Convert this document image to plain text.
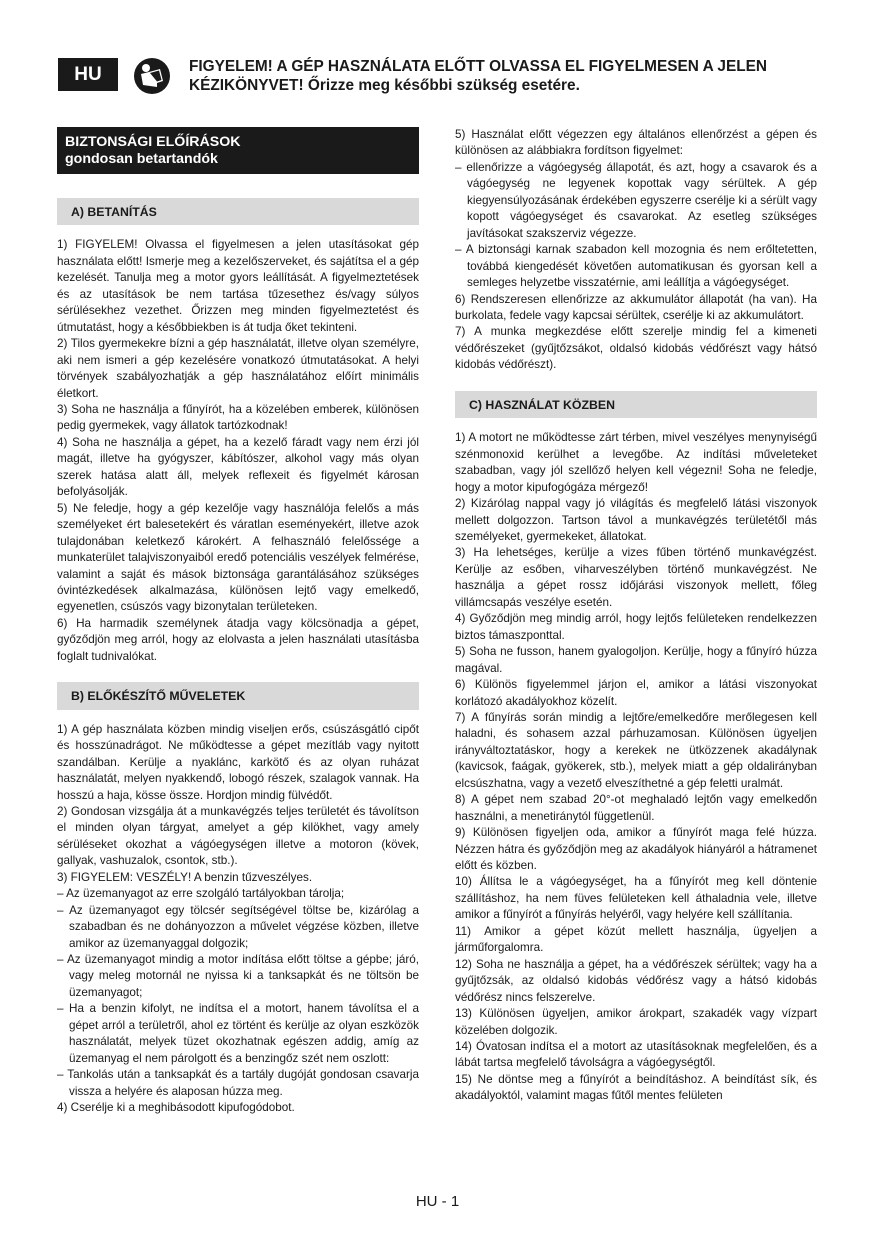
HU	FIGYELEM! A GÉP HASZNÁLATA ELŐTT OLVASSA EL FIGYELMESEN A JELEN KÉZIKÖNYVET! Őrizze meg későbbi szükség esetére.
BIZTONSÁGI ELŐÍRÁSOK
gondosan betartandók
A) BETANÍTÁS

1) FIGYELEM! Olvassa el figyelmesen a jelen utasításokat gép használata előtt! Ismerje meg a kezelőszerveket, és sajátítsa el a gép kezelését. Tanulja meg a motor gyors leállítását. A figyelmeztetések és az utasítások be nem tartása tűzesethez és/vagy súlyos sérülésekhez vezethet. Őrizzen meg minden figyelmeztetést és útmutatást, hogy a későbbiekben is át tudja őket tekinteni.

2) Tilos gyermekekre bízni a gép használatát, illetve olyan személyre, aki nem ismeri a gép kezelésére vonatkozó útmutatásokat. A helyi törvények szabályozhatják a gép használatához előírt minimális életkort.

3) Soha ne használja a fűnyírót, ha a közelében emberek, különösen pedig gyermekek, vagy állatok tartózkodnak!

4) Soha ne használja a gépet, ha a kezelő fáradt vagy nem érzi jól magát, illetve ha gyógyszer, kábítószer, alkohol vagy más olyan szerek hatása alatt áll, melyek reflexeit és figyelmét károsan befolyásolják.

5) Ne feledje, hogy a gép kezelője vagy használója felelős a más személyeket ért balesetekért és váratlan eseményekért, illetve azok tulajdonában keletkező károkért. A felhasználó felelőssége a munkaterület talajviszonyaiból eredő potenciális veszélyek felmérése, valamint a saját és mások biztonsága garantálásához szükséges óvintézkedések alkalmazása, különösen lejtő vagy emelkedő, egyenetlen, csúszós vagy bizonytalan területeken.

6) Ha harmadik személynek átadja vagy kölcsönadja a gépet, győződjön meg arról, hogy az elolvasta a jelen használati utasításba foglalt tudnivalókat.

B) ELŐKÉSZÍTŐ MŰVELETEK

1) A gép használata közben mindig viseljen erős, csúszásgátló cipőt és hosszúnadrágot. Ne működtesse a gépet mezítláb vagy nyitott szandálban. Kerülje a nyaklánc, karkötő és az olyan ruházat használatát, melyen nyakkendő, lobogó részek, szalagok vannak. Ha hosszú a haja, kösse össze. Hordjon mindig fülvédőt.

2) Gondosan vizsgálja át a munkavégzés teljes területét és távolítson el minden olyan tárgyat, amelyet a gép kilökhet, vagy amely sérüléseket okozhat a vágóegységen illetve a motoron (kövek, gallyak, vashuzalok, csontok, stb.).

3) FIGYELEM: VESZÉLY! A benzin tűzveszélyes.

– Az üzemanyagot az erre szolgáló tartályokban tárolja;

– Az üzemanyagot egy tölcsér segítségével töltse be, kizárólag a szabadban és ne dohányozzon a művelet végzése közben, illetve amikor az üzemanyaggal dolgozik;

– Az üzemanyagot mindig a motor indítása előtt töltse a gépbe; járó, vagy meleg motornál ne nyissa ki a tanksapkát és ne töltsön be üzemanyagot;

– Ha a benzin kifolyt, ne indítsa el a motort, hanem távolítsa el a gépet arról a területről, ahol ez történt és kerülje az olyan eszközök használatát, melyek tüzet okozhatnak egészen addig, amíg az üzemanyag el nem párolgott és a benzingőz szét nem oszlott:

– Tankolás után a tanksapkát és a tartály dugóját gondosan csavarja vissza a helyére és alaposan húzza meg.

4) Cserélje ki a meghibásodott kipufogódobot.

5) Használat előtt végezzen egy általános ellenőrzést a gépen és különösen az alábbiakra fordítson figyelmet:

– ellenőrizze a vágóegység állapotát, és azt, hogy a csavarok és a vágóegység ne legyenek kopottak vagy sérültek. A gép kiegyensúlyozásának érdekében egyszerre cserélje ki a sérült vagy kopott vágóegységet és csavarokat. Az esetleg szükséges javításokat szakszerviz végezze.

– A biztonsági karnak szabadon kell mozognia és nem erőltetetten, továbbá kiengedését követően automatikusan és gyorsan kell a semleges helyzetbe visszatérnie, ami leállítja a vágóegységet.

6) Rendszeresen ellenőrizze az akkumulátor állapotát (ha van). Ha burkolata, fedele vagy kapcsai sérültek, cserélje ki az akkumulátort.

7) A munka megkezdése előtt szerelje mindig fel a kimeneti védőrészeket (gyűjtőzsákot, oldalsó kidobás védőrészt vagy hátsó kidobás védőrészt).

C) HASZNÁLAT KÖZBEN

1) A motort ne működtesse zárt térben, mivel veszélyes menynyiségű szénmonoxid kerülhet a levegőbe. Az indítási műveleteket szabadban, vagy jól szellőző helyen kell végezni! Soha ne feledje, hogy a motor kipufogógáza mérgező!

2) Kizárólag nappal vagy jó világítás és megfelelő látási viszonyok mellett dolgozzon. Tartson távol a munkavégzés területétől más személyeket, gyermekeket, állatokat.

3) Ha lehetséges, kerülje a vizes fűben történő munkavégzést. Kerülje az esőben, viharveszélyben történő munkavégzést. Ne használja a gépet rossz időjárási viszonyok mellett, főleg villámcsapás veszélye esetén.

4) Győződjön meg mindig arról, hogy lejtős felületeken rendelkezzen biztos támaszponttal.

5) Soha ne fusson, hanem gyalogoljon. Kerülje, hogy a fűnyíró húzza magával.

6) Különös figyelemmel járjon el, amikor a látási viszonyokat korlátozó akadályokhoz közelít.

7) A fűnyírás során mindig a lejtőre/emelkedőre merőlegesen kell haladni, és sohasem azzal párhuzamosan. Különösen ügyeljen irányváltoztatáskor, hogy a kerekek ne ütközzenek akadálynak (kavicsok, faágak, gyökerek, stb.), melyek miatt a gép oldalirányban elcsúszhatna, vagy a vezető elveszíthetné a gép feletti uralmát.

8) A gépet nem szabad 20°-ot meghaladó lejtőn vagy emelkedőn használni, a menetiránytól függetlenül.

9) Különösen figyeljen oda, amikor a fűnyírót maga felé húzza. Nézzen hátra és győződjön meg az akadályok hiányáról a hátramenet előtt és közben.

10) Állítsa le a vágóegységet, ha a fűnyírót meg kell döntenie szállításhoz, ha nem füves felületeken kell áthaladnia vele, illetve amikor a fűnyírót a fűnyírás helyéről, vagy helyére kell szállítania.

11) Amikor a gépet közút mellett használja, ügyeljen a járműforgalomra.

12) Soha ne használja a gépet, ha a védőrészek sérültek; vagy ha a gyűjtőzsák, az oldalsó kidobás védőrész vagy a hátsó kidobás védőrész nincs felszerelve.

13) Különösen ügyeljen, amikor árokpart, szakadék vagy vízpart közelében dolgozik.

14) Óvatosan indítsa el a motort az utasításoknak megfelelően, és a lábát tartsa megfelelő távolságra a vágóegységtől.

15) Ne döntse meg a fűnyírót a beindításhoz. A beindítást sík, és akadályoktól, valamint magas fűtől mentes felületen

HU - 1
